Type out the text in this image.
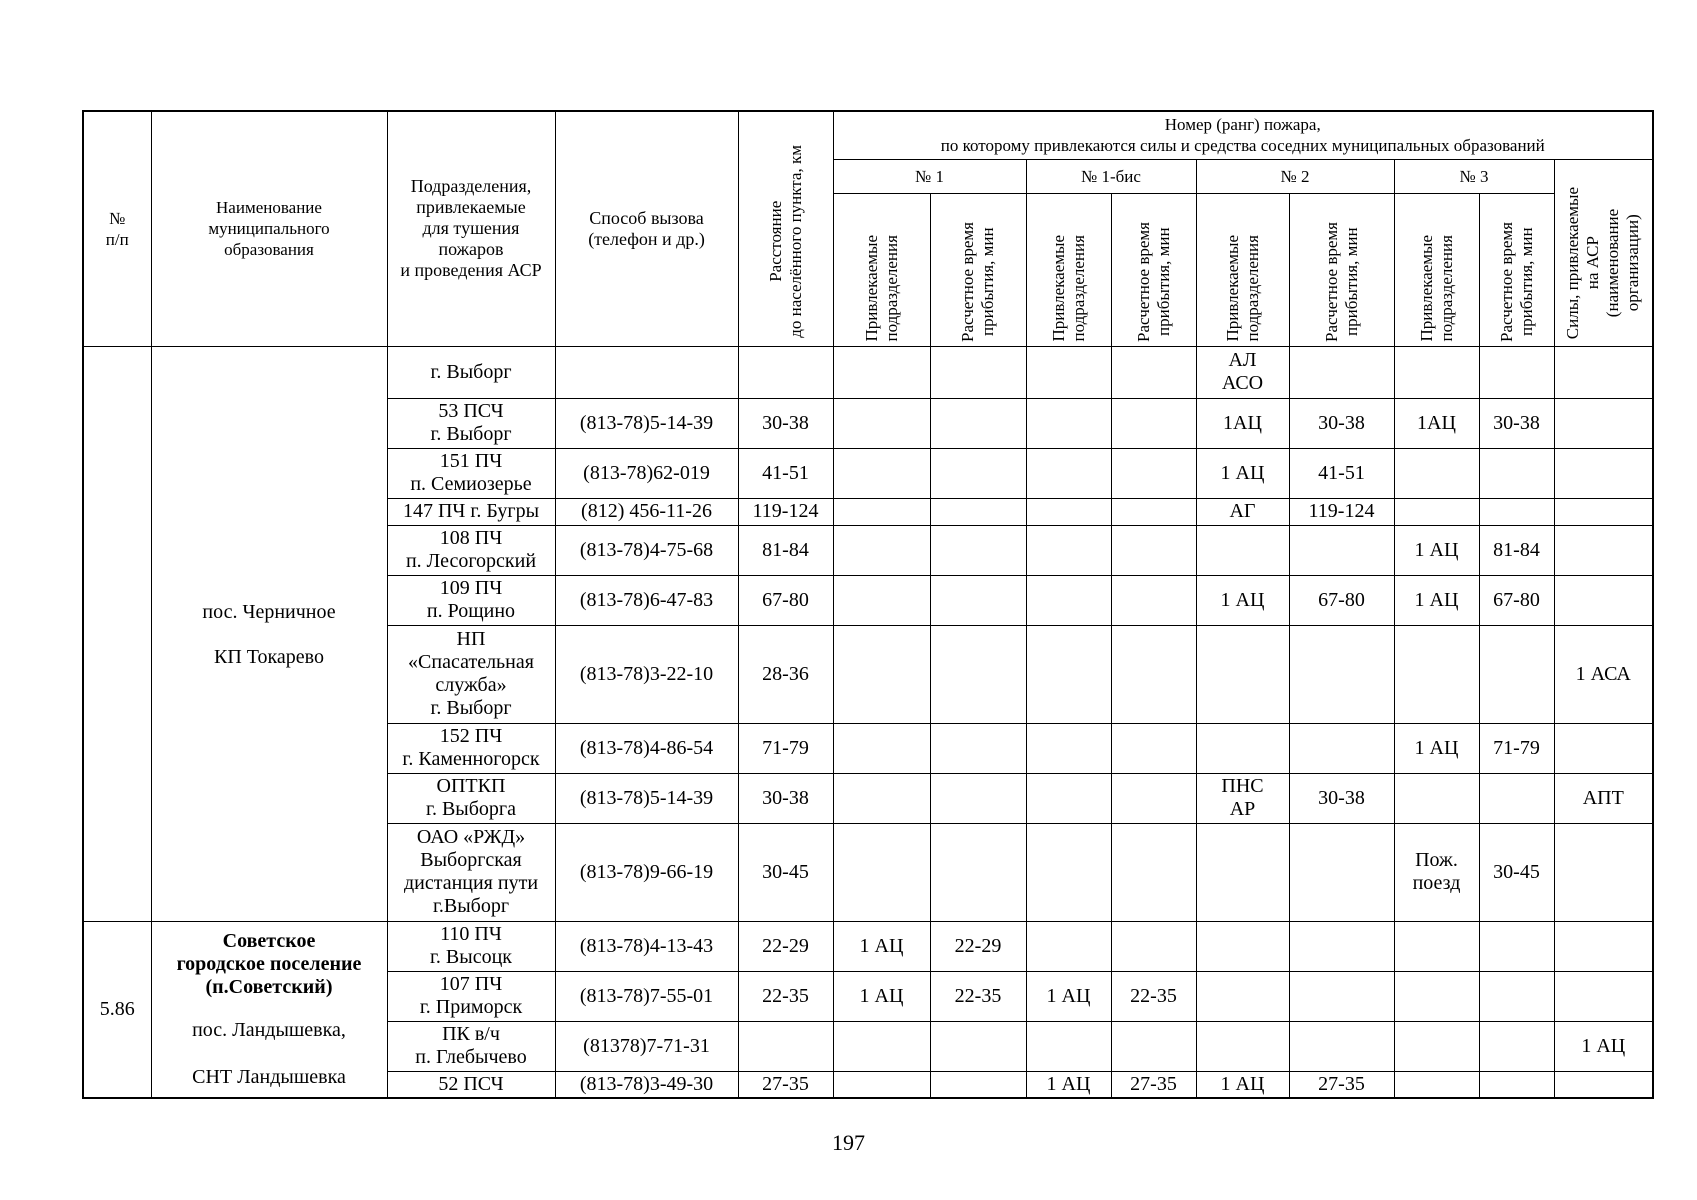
№
п/п	Наименование
муниципального
образования	Подразделения,
привлекаемые
для тушения
пожаров
и проведения АСР	Способ вызова
(телефон и др.)	Расстояние
до населённого пункта, км	Номер (ранг) пожара,
по которому привлекаются силы и средства соседних муниципальных образований								
					№ 1		№ 1-бис		№ 2		№ 3		Силы, привлекаемые
на АСР
(наименование
организации)

					Привлекаемые
подразделения	Расчетное время
прибытия, мин	Привлекаемые
подразделения	Расчетное время
прибытия, мин	Привлекаемые
подразделения	Расчетное время
прибытия, мин	Привлекаемые
подразделения	Расчетное время
прибытия, мин	

	пос. Черничное
КП Токарево	г. Выборг							АЛ
АСО				
		53 ПСЧ
г. Выборг	(813-78)5-14-39	30-38					1АЦ	30-38	1АЦ	30-38	
		151 ПЧ
п. Семиозерье	(813-78)62-019	41-51					1 АЦ	41-51			
		147 ПЧ г. Бугры	(812) 456-11-26	119-124					АГ	119-124			
		108 ПЧ
п. Лесогорский	(813-78)4-75-68	81-84							1 АЦ	81-84	
		109 ПЧ
п. Рощино	(813-78)6-47-83	67-80					1 АЦ	67-80	1 АЦ	67-80	
		НП
«Спасательная
служба»
г. Выборг	(813-78)3-22-10	28-36									1 АСА
		152 ПЧ
г. Каменногорск	(813-78)4-86-54	71-79							1 АЦ	71-79	
		ОПТКП
г. Выборга	(813-78)5-14-39	30-38					ПНС
АР	30-38			АПТ
		ОАО «РЖД»
Выборгская
дистанция пути
г.Выборг	(813-78)9-66-19	30-45							Пож.
поезд	30-45	
5.86	Советское
городское поселение
(п.Советский)
пос. Ландышевка,
СНТ Ландышевка	110 ПЧ
г. Высоцк	(813-78)4-13-43	22-29	1 АЦ	22-29							
		107 ПЧ
г. Приморск	(813-78)7-55-01	22-35	1 АЦ	22-35	1 АЦ	22-35					
		ПК в/ч
п. Глебычево	(81378)7-71-31										1 АЦ
		52 ПСЧ	(813-78)3-49-30	27-35			1 АЦ	27-35	1 АЦ	27-35			
197
